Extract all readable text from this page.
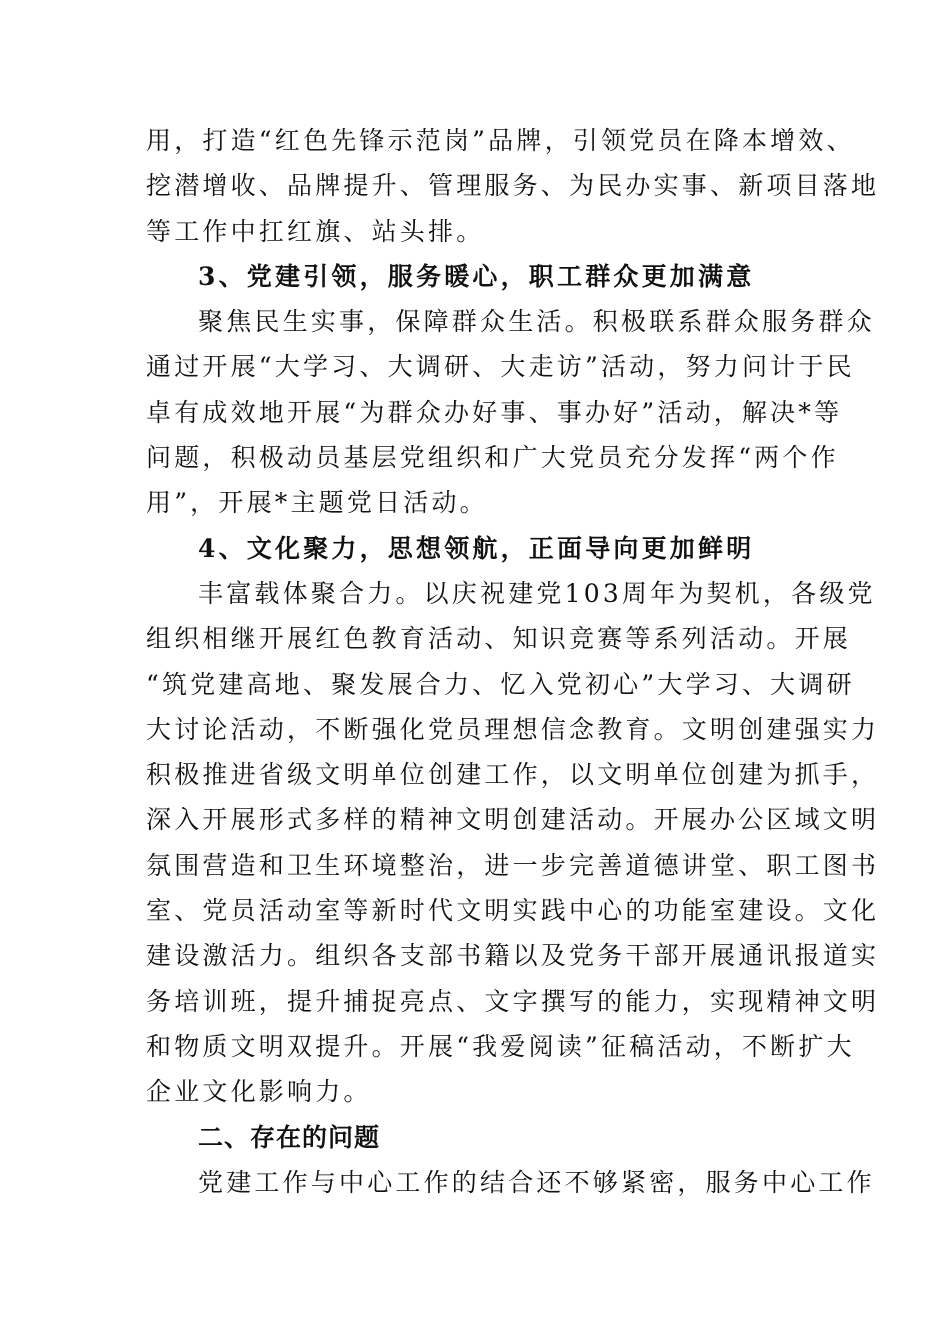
用，打造“红色先锋示范岗”品牌，引领党员在降本增效、
挖潜增收、品牌提升、管理服务、为民办实事、新项目落地
等工作中扛红旗、站头排。
3、党建引领，服务暖心，职工群众更加满意
聚焦民生实事，保障群众生活。积极联系群众服务群众
通过开展“大学习、大调研、大走访”活动，努力问计于民
卓有成效地开展“为群众办好事、事办好”活动，解决*等
问题，积极动员基层党组织和广大党员充分发挥“两个作
用”，开展*主题党日活动。
4、文化聚力，思想领航，正面导向更加鲜明
丰富载体聚合力。以庆祝建党103周年为契机，各级党
组织相继开展红色教育活动、知识竞赛等系列活动。开展
“筑党建高地、聚发展合力、忆入党初心”大学习、大调研
大讨论活动，不断强化党员理想信念教育。文明创建强实力
积极推进省级文明单位创建工作，以文明单位创建为抓手，
深入开展形式多样的精神文明创建活动。开展办公区域文明
氛围营造和卫生环境整治，进一步完善道德讲堂、职工图书
室、党员活动室等新时代文明实践中心的功能室建设。文化
建设激活力。组织各支部书籍以及党务干部开展通讯报道实
务培训班，提升捕捉亮点、文字撰写的能力，实现精神文明
和物质文明双提升。开展“我爱阅读”征稿活动，不断扩大
企业文化影响力。
二、存在的问题
党建工作与中心工作的结合还不够紧密，服务中心工作
